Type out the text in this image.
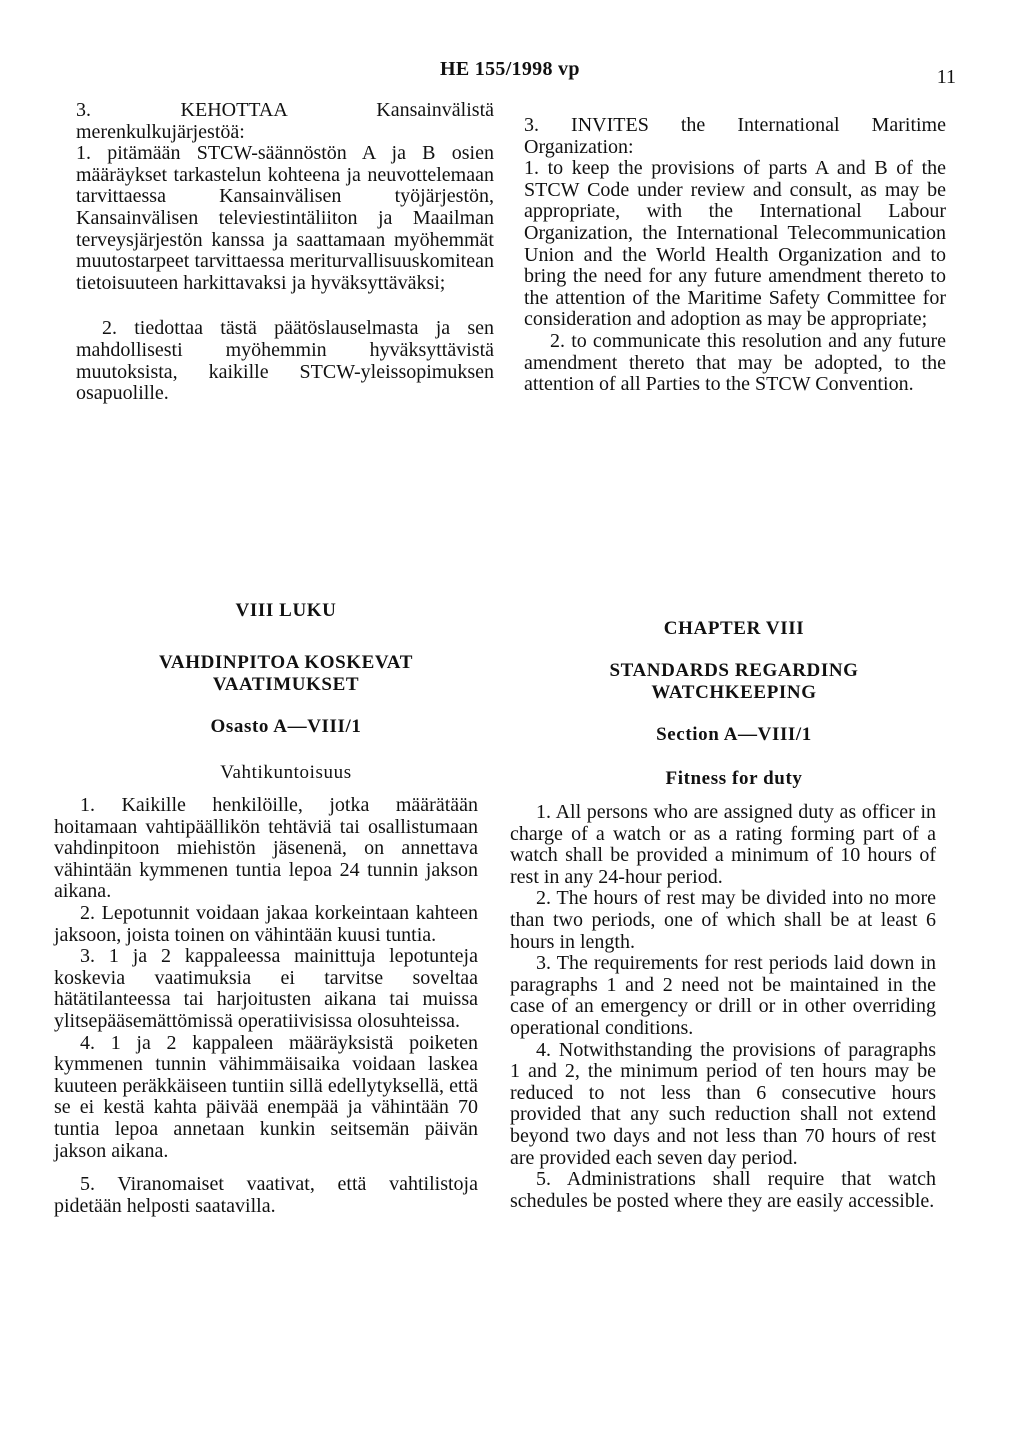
HE 155/1998 vp	11

3. KEHOTTAA Kansainvälistä merenkulkujärjestöä:

1. pitämään STCW-säännöstön A ja B osien määräykset tarkastelun kohteena ja neuvottelemaan tarvittaessa Kansainvälisen työjärjestön, Kansainvälisen televiestintäliiton ja Maailman terveysjärjestön kanssa ja saattamaan myöhemmät muutostarpeet tarvittaessa meriturvallisuuskomitean tietoisuuteen harkittavaksi ja hyväksyttäväksi;

2. tiedottaa tästä päätöslauselmasta ja sen mahdollisesti myöhemmin hyväksyttävistä muutoksista, kaikille STCW-yleissopimuksen osapuolille.

3. INVITES the International Maritime Organization:

1. to keep the provisions of parts A and B of the STCW Code under review and consult, as may be appropriate, with the International Labour Organization, the International Telecommunication Union and the World Health Organization and to bring the need for any future amendment thereto to the attention of the Maritime Safety Committee for consideration and adoption as may be appropriate;

2. to communicate this resolution and any future amendment thereto that may be adopted, to the attention of all Parties to the STCW Convention.

VIII LUKU
VAHDINPITOA KOSKEVAT
VAATIMUKSET
Osasto A—VIII/1
Vahtikuntoisuus
CHAPTER VIII
STANDARDS REGARDING
WATCHKEEPING
Section A—VIII/1
Fitness for duty

1. Kaikille henkilöille, jotka määrätään hoitamaan vahtipäällikön tehtäviä tai osallistumaan vahdinpitoon miehistön jäsenenä, on annettava vähintään kymmenen tuntia lepoa 24 tunnin jakson aikana.

2. Lepotunnit voidaan jakaa korkeintaan kahteen jaksoon, joista toinen on vähintään kuusi tuntia.

3. 1 ja 2 kappaleessa mainittuja lepotunteja koskevia vaatimuksia ei tarvitse soveltaa hätätilanteessa tai harjoitusten aikana tai muissa ylitsepääsemättömissä operatiivisissa olosuhteissa.

4. 1 ja 2 kappaleen määräyksistä poiketen kymmenen tunnin vähimmäisaika voidaan laskea kuuteen peräkkäiseen tuntiin sillä edellytyksellä, että se ei kestä kahta päivää enempää ja vähintään 70 tuntia lepoa annetaan kunkin seitsemän päivän jakson aikana.

5. Viranomaiset vaativat, että vahtilistoja pidetään helposti saatavilla.

1. All persons who are assigned duty as officer in charge of a watch or as a rating forming part of a watch shall be provided a minimum of 10 hours of rest in any 24-hour period.

2. The hours of rest may be divided into no more than two periods, one of which shall be at least 6 hours in length.

3. The requirements for rest periods laid down in paragraphs 1 and 2 need not be maintained in the case of an emergency or drill or in other overriding operational conditions.

4. Notwithstanding the provisions of paragraphs 1 and 2, the minimum period of ten hours may be reduced to not less than 6 consecutive hours provided that any such reduction shall not extend beyond two days and not less than 70 hours of rest are provided each seven day period.

5. Administrations shall require that watch schedules be posted where they are easily accessible.
